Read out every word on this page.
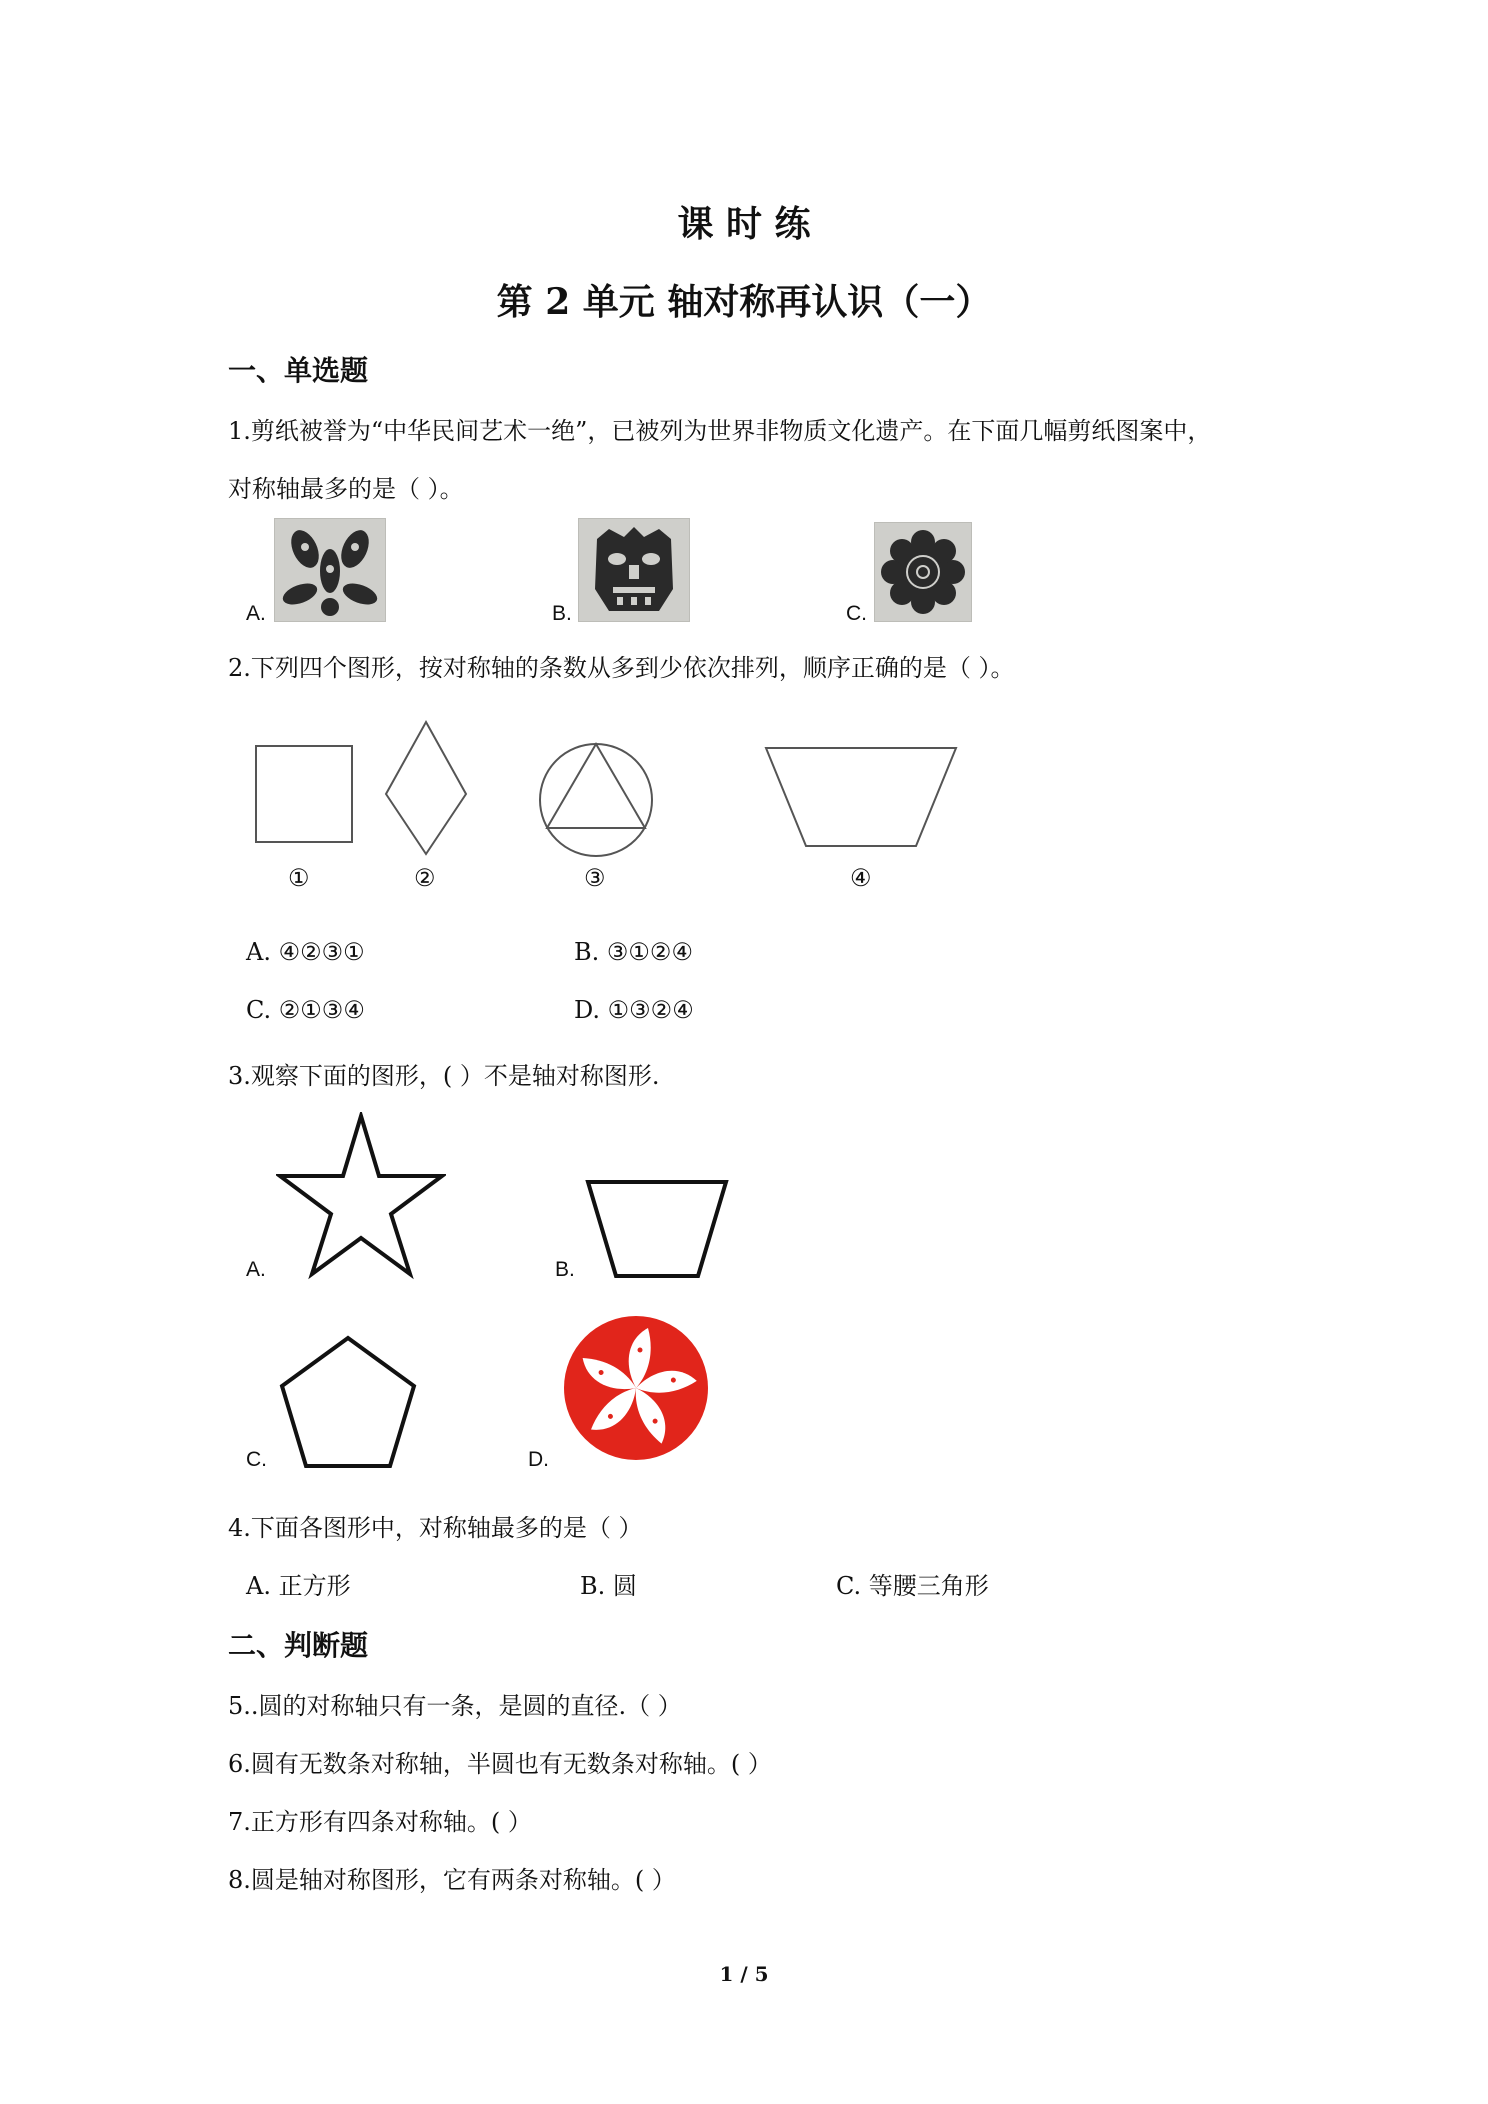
课 时 练
第 2 单元 轴对称再认识（一）
一、单选题
1.剪纸被誉为“中华民间艺术一绝”，已被列为世界非物质文化遗产。在下面几幅剪纸图案中，
对称轴最多的是（ ）。
A.	B.	C.
2.下列四个图形，按对称轴的条数从多到少依次排列，顺序正确的是（ ）。
①	②	③	④
A. ④②③①	B. ③①②④
C. ②①③④	D. ①③②④
3.观察下面的图形，( ）不是轴对称图形.
A.	B.
C.	D.
4.下面各图形中，对称轴最多的是（ ）
A. 正方形	B. 圆	C. 等腰三角形
二、判断题
5..圆的对称轴只有一条，是圆的直径.（ ）
6.圆有无数条对称轴，半圆也有无数条对称轴。( ）
7.正方形有四条对称轴。( ）
8.圆是轴对称图形，它有两条对称轴。( ）
1 / 5
